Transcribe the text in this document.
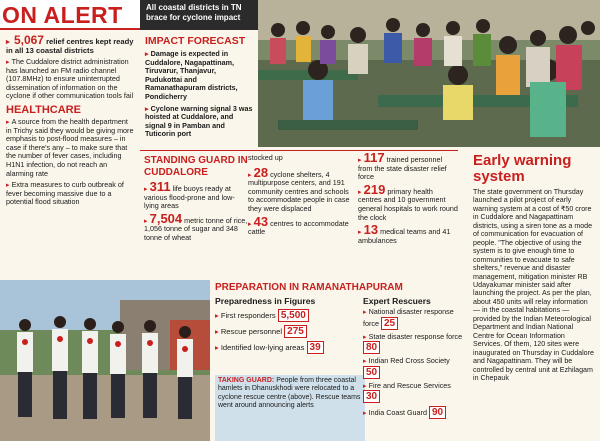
ON ALERT	All coastal districts in TN brace for cyclone impact

▸ 5,067 relief centres kept ready in all 13 coastal districts

▸ The Cuddalore district administration has launched an FM radio channel (107.8MHz) to ensure uninterrupted dissemination of information on the cyclone if other communication tools fail

HEALTHCARE

▸ A source from the health department in Trichy said they would be giving more emphasis to post-flood measures – in case if there's any – to make sure that the number of fever cases, including H1N1 infection, do not reach an alarming rate

▸ Extra measures to curb outbreak of fever becoming massive due to a potential flood situation

IMPACT FORECAST

▸ Damage is expected in Cuddalore, Nagapattinam, Tiruvarur, Thanjavur, Pudukottai and Ramanathapuram districts, Pondicherry

▸ Cyclone warning signal 3 was hoisted at Cuddalore, and signal 9 in Pamban and Tuticorin port

STANDING GUARD IN CUDDALORE

▸ 311 life buoys ready at various flood-prone and low-lying areas

▸ 7,504 metric tonne of rice, 1,056 tonne of sugar and 348 tonne of wheat

stocked up

▸ 28 cyclone shelters, 4 multipurpose centers, and 191 community centres and schools to accommodate people in case they were displaced

▸ 43 centres to accommodate cattle

▸ 117 trained personnel from the state disaster relief force

▸ 219 primary health centres and 10 government general hospitals to work round the clock

▸ 13 medical teams and 41 ambulances

Early warning
system

The state government on Thursday launched a pilot project of early warning system at a cost of ₹50 crore in Cuddalore and Nagapattinam districts, using a siren tone as a mode of communication for evacuation of people. "The objective of using the system is to give enough time to communities to evacuate to safe shelters," revenue and disaster management, mitigation minister RB Udayakumar minister said after launching the project. As per the plan, about 450 units will relay information — in the coastal habitations — provided by the Indian Meteorological Department and Indian National Centre for Ocean Information Services. Of them, 120 sites were inaugurated on Thursday in Cuddalore and Nagapattinam. They will be controlled by central unit at Ezhilagam in Chepauk

PREPARATION IN RAMANATHAPURAM
Preparedness in Figures
▸ First responders 5,500
▸ Rescue personnel 275
▸ Identified low-lying areas 39
TAKING GUARD: People from three coastal hamlets in Dhanuskhodi were relocated to a cyclone rescue centre (above). Rescue teams went around announcing alerts
Expert Rescuers
▸ National disaster response force 25
▸ State disaster response force 80
▸ Indian Red Cross Society 50
▸ Fire and Rescue Services 30
▸ India Coast Guard 90
